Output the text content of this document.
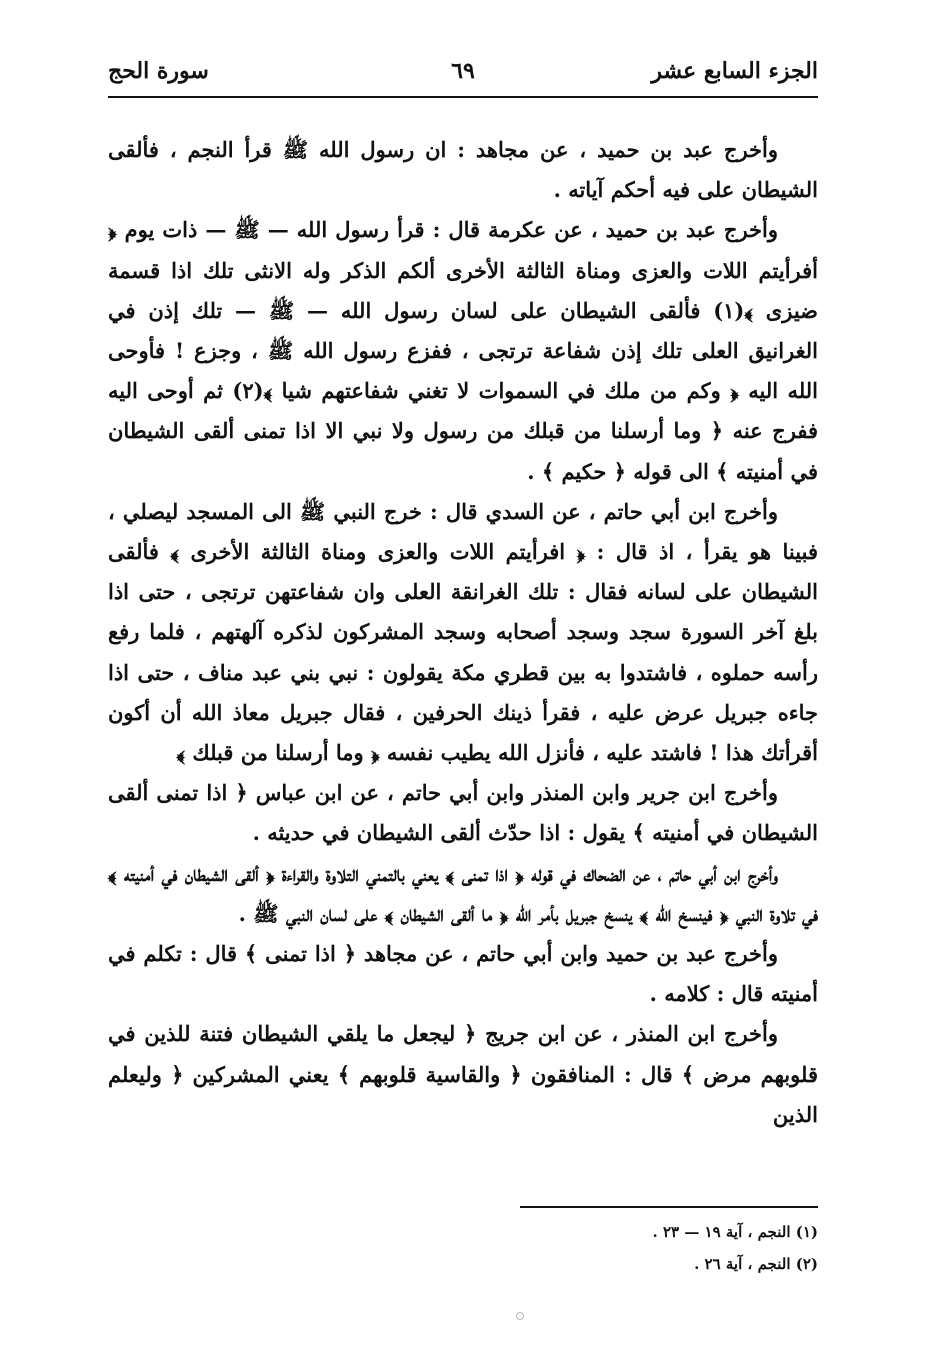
الجزء السابع عشر
٦٩
سورة الحج

وأخرج عبد بن حميد ، عن مجاهد : ان رسول الله ﷺ قرأ النجم ، فألقى الشيطان على فيه أحكم آياته .

وأخرج عبد بن حميد ، عن عكرمة قال : قرأ رسول الله — ﷺ — ذات يوم ﴿ أفرأيتم اللات والعزى ومناة الثالثة الأخرى ألكم الذكر وله الانثى تلك اذا قسمة ضيزى ﴾(١) فألقى الشيطان على لسان رسول الله — ﷺ — تلك إذن في الغرانيق العلى تلك إذن شفاعة ترتجى ، ففزع رسول الله ﷺ ، وجزع ! فأوحى الله اليه ﴿ وكم من ملك في السموات لا تغني شفاعتهم شيا ﴾(٢) ثم أوحى اليه ففرج عنه ﴿ وما أرسلنا من قبلك من رسول ولا نبي الا اذا تمنى ألقى الشيطان في أمنيته ﴾ الى قوله ﴿ حكيم ﴾ .

وأخرج ابن أبي حاتم ، عن السدي قال : خرج النبي ﷺ الى المسجد ليصلي ، فبينا هو يقرأ ، اذ قال : ﴿ افرأيتم اللات والعزى ومناة الثالثة الأخرى ﴾ فألقى الشيطان على لسانه فقال : تلك الغرانقة العلى وان شفاعتهن ترتجى ، حتى اذا بلغ آخر السورة سجد وسجد أصحابه وسجد المشركون لذكره آلهتهم ، فلما رفع رأسه حملوه ، فاشتدوا به بين قطري مكة يقولون : نبي بني عبد مناف ، حتى اذا جاءه جبريل عرض عليه ، فقرأ ذينك الحرفين ، فقال جبريل معاذ الله أن أكون أقرأتك هذا ! فاشتد عليه ، فأنزل الله يطيب نفسه ﴿ وما أرسلنا من قبلك ﴾

وأخرج ابن جرير وابن المنذر وابن أبي حاتم ، عن ابن عباس ﴿ اذا تمنى ألقى الشيطان في أمنيته ﴾ يقول : اذا حدّث ألقى الشيطان في حديثه .

وأخرج ابن أبي حاتم ، عن الضحاك في قوله ﴿ اذا تمنى ﴾ يعني بالتمني التلاوة والقراءة ﴿ ألقى الشيطان في أمنيته ﴾ في تلاوة النبي ﴿ فينسخ الله ﴾ ينسخ جبريل بأمر الله ﴿ ما ألقى الشيطان ﴾ على لسان النبي ﷺ .

وأخرج عبد بن حميد وابن أبي حاتم ، عن مجاهد ﴿ اذا تمنى ﴾ قال : تكلم في أمنيته قال : كلامه .

وأخرج ابن المنذر ، عن ابن جريج ﴿ ليجعل ما يلقي الشيطان فتنة للذين في قلوبهم مرض ﴾ قال : المنافقون ﴿ والقاسية قلوبهم ﴾ يعني المشركين ﴿ وليعلم الذين

(١) النجم ، آية ١٩ — ٢٣ .
(٢) النجم ، آية ٢٦ .
